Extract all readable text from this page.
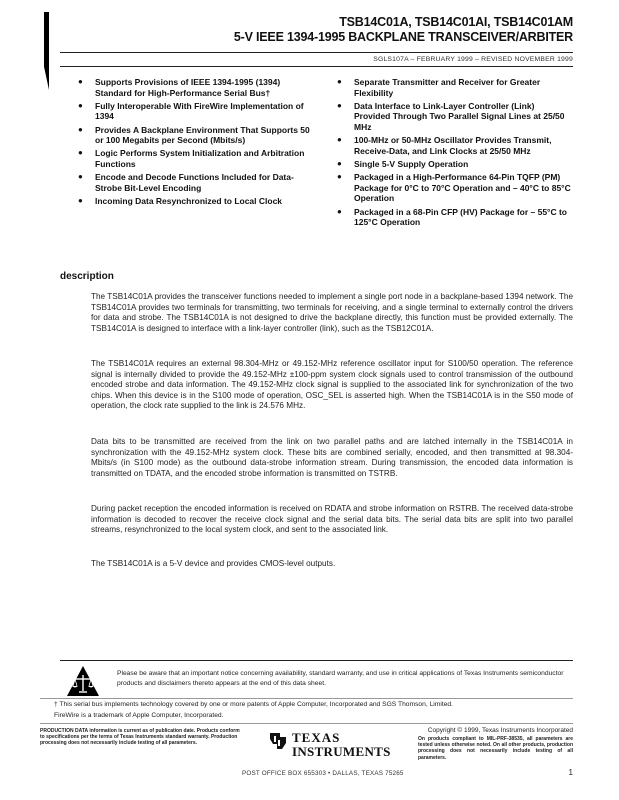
TSB14C01A, TSB14C01AI, TSB14C01AM
5-V IEEE 1394-1995 BACKPLANE TRANSCEIVER/ARBITER
SGLS107A – FEBRUARY 1999 – REVISED NOVEMBER 1999
● Supports Provisions of IEEE 1394-1995 (1394) Standard for High-Performance Serial Bus†
● Fully Interoperable With FireWire Implementation of 1394
● Provides A Backplane Environment That Supports 50 or 100 Megabits per Second (Mbits/s)
● Logic Performs System Initialization and Arbitration Functions
● Encode and Decode Functions Included for Data-Strobe Bit-Level Encoding
● Incoming Data Resynchronized to Local Clock
● Separate Transmitter and Receiver for Greater Flexibility
● Data Interface to Link-Layer Controller (Link) Provided Through Two Parallel Signal Lines at 25/50 MHz
● 100-MHz or 50-MHz Oscillator Provides Transmit, Receive-Data, and Link Clocks at 25/50 MHz
● Single 5-V Supply Operation
● Packaged in a High-Performance 64-Pin TQFP (PM) Package for 0°C to 70°C Operation and – 40°C to 85°C Operation
● Packaged in a 68-Pin CFP (HV) Package for – 55°C to 125°C Operation
description

The TSB14C01A provides the transceiver functions needed to implement a single port node in a backplane-based 1394 network. The TSB14C01A provides two terminals for transmitting, two terminals for receiving, and a single terminal to externally control the drivers for data and strobe. The TSB14C01A is not designed to drive the backplane directly, this function must be provided externally. The TSB14C01A is designed to interface with a link-layer controller (link), such as the TSB12C01A.

The TSB14C01A requires an external 98.304-MHz or 49.152-MHz reference oscillator input for S100/50 operation. The reference signal is internally divided to provide the 49.152-MHz ±100-ppm system clock signals used to control transmission of the outbound encoded strobe and data information. The 49.152-MHz clock signal is supplied to the associated link for synchronization of the two chips. When this device is in the S100 mode of operation, OSC_SEL is asserted high. When the TSB14C01A is in the S50 mode of operation, the clock rate supplied to the link is 24.576 MHz.

Data bits to be transmitted are received from the link on two parallel paths and are latched internally in the TSB14C01A in synchronization with the 49.152-MHz system clock. These bits are combined serially, encoded, and then transmitted at 98.304-Mbits/s (in S100 mode) as the outbound data-strobe information stream. During transmission, the encoded data information is transmitted on TDATA, and the encoded strobe information is transmitted on TSTRB.

During packet reception the encoded information is received on RDATA and strobe information on RSTRB. The received data-strobe information is decoded to recover the receive clock signal and the serial data bits. The serial data bits are split into two parallel streams, resynchronized to the local system clock, and sent to the associated link.

The TSB14C01A is a 5-V device and provides CMOS-level outputs.

Please be aware that an important notice concerning availability, standard warranty, and use in critical applications of Texas Instruments semiconductor products and disclaimers thereto appears at the end of this data sheet.
† This serial bus implements technology covered by one or more patents of Apple Computer, Incorporated and SGS Thomson, Limited.
FireWire is a trademark of Apple Computer, Incorporated.
PRODUCTION DATA information is current as of publication date. Products conform to specifications per the terms of Texas Instruments standard warranty. Production processing does not necessarily include testing of all parameters.
Copyright © 1999, Texas Instruments Incorporated
On products compliant to MIL-PRF-38535, all parameters are tested unless otherwise noted. On all other products, production processing does not necessarily include testing of all parameters.
TEXAS
INSTRUMENTS
POST OFFICE BOX 655303 • DALLAS, TEXAS 75265	1
